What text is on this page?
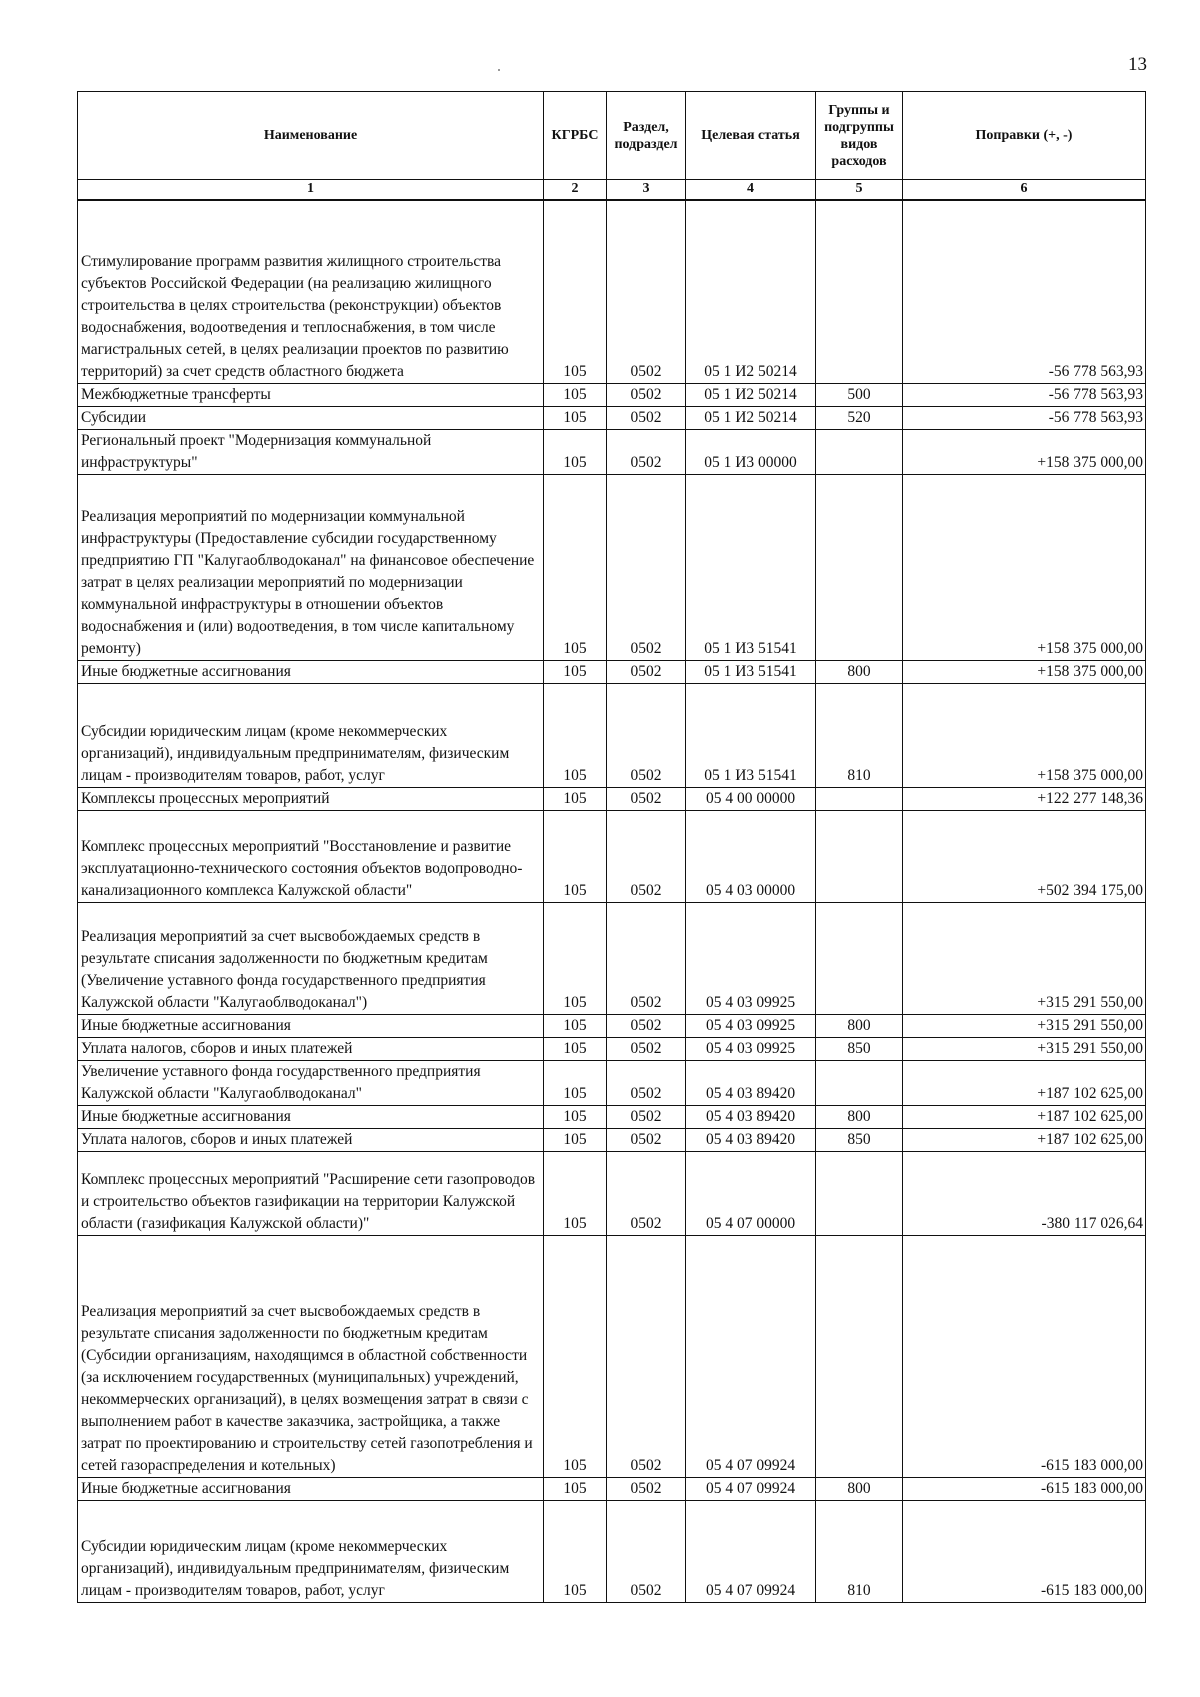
13
Наименование	КГРБС	Раздел, подраздел	Целевая статья	Группы и подгруппы видов расходов	Поправки (+, -)
1	2	3	4	5	6
Стимулирование программ развития жилищного строительства субъектов Российской Федерации (на реализацию жилищного строительства в целях строительства (реконструкции) объектов водоснабжения, водоотведения и теплоснабжения, в том числе магистральных сетей, в целях реализации проектов по развитию территорий) за счет средств областного бюджета	105	0502	05 1 И2 50214		-56 778 563,93
Межбюджетные трансферты	105	0502	05 1 И2 50214	500	-56 778 563,93
Субсидии	105	0502	05 1 И2 50214	520	-56 778 563,93
Региональный проект "Модернизация коммунальной инфраструктуры"	105	0502	05 1 И3 00000		+158 375 000,00
Реализация мероприятий по модернизации коммунальной инфраструктуры (Предоставление субсидии государственному предприятию ГП "Калугаоблводоканал" на финансовое обеспечение затрат в целях реализации мероприятий по модернизации коммунальной инфраструктуры в отношении объектов водоснабжения и (или) водоотведения, в том числе капитальному ремонту)	105	0502	05 1 И3 51541		+158 375 000,00
Иные бюджетные ассигнования	105	0502	05 1 И3 51541	800	+158 375 000,00
Субсидии юридическим лицам (кроме некоммерческих организаций), индивидуальным предпринимателям, физическим лицам - производителям товаров, работ, услуг	105	0502	05 1 И3 51541	810	+158 375 000,00
Комплексы процессных мероприятий	105	0502	05 4 00 00000		+122 277 148,36
Комплекс процессных мероприятий "Восстановление и развитие эксплуатационно-технического состояния объектов водопроводно-канализационного комплекса Калужской области"	105	0502	05 4 03 00000		+502 394 175,00
Реализация мероприятий за счет высвобождаемых средств в результате списания задолженности по бюджетным кредитам (Увеличение уставного фонда государственного предприятия Калужской области "Калугаоблводоканал")	105	0502	05 4 03 09925		+315 291 550,00
Иные бюджетные ассигнования	105	0502	05 4 03 09925	800	+315 291 550,00
Уплата налогов, сборов и иных платежей	105	0502	05 4 03 09925	850	+315 291 550,00
Увеличение уставного фонда государственного предприятия Калужской области "Калугаоблводоканал"	105	0502	05 4 03 89420		+187 102 625,00
Иные бюджетные ассигнования	105	0502	05 4 03 89420	800	+187 102 625,00
Уплата налогов, сборов и иных платежей	105	0502	05 4 03 89420	850	+187 102 625,00
Комплекс процессных мероприятий "Расширение сети газопроводов и строительство объектов газификации на территории Калужской области (газификация Калужской области)"	105	0502	05 4 07 00000		-380 117 026,64
Реализация мероприятий за счет высвобождаемых средств в результате списания задолженности по бюджетным кредитам (Субсидии организациям, находящимся в областной собственности (за исключением государственных (муниципальных) учреждений, некоммерческих организаций), в целях возмещения затрат в связи с выполнением работ в качестве заказчика, застройщика, а также затрат по проектированию и строительству сетей газопотребления и сетей газораспределения и котельных)	105	0502	05 4 07 09924		-615 183 000,00
Иные бюджетные ассигнования	105	0502	05 4 07 09924	800	-615 183 000,00
Субсидии юридическим лицам (кроме некоммерческих организаций), индивидуальным предпринимателям, физическим лицам - производителям товаров, работ, услуг	105	0502	05 4 07 09924	810	-615 183 000,00
